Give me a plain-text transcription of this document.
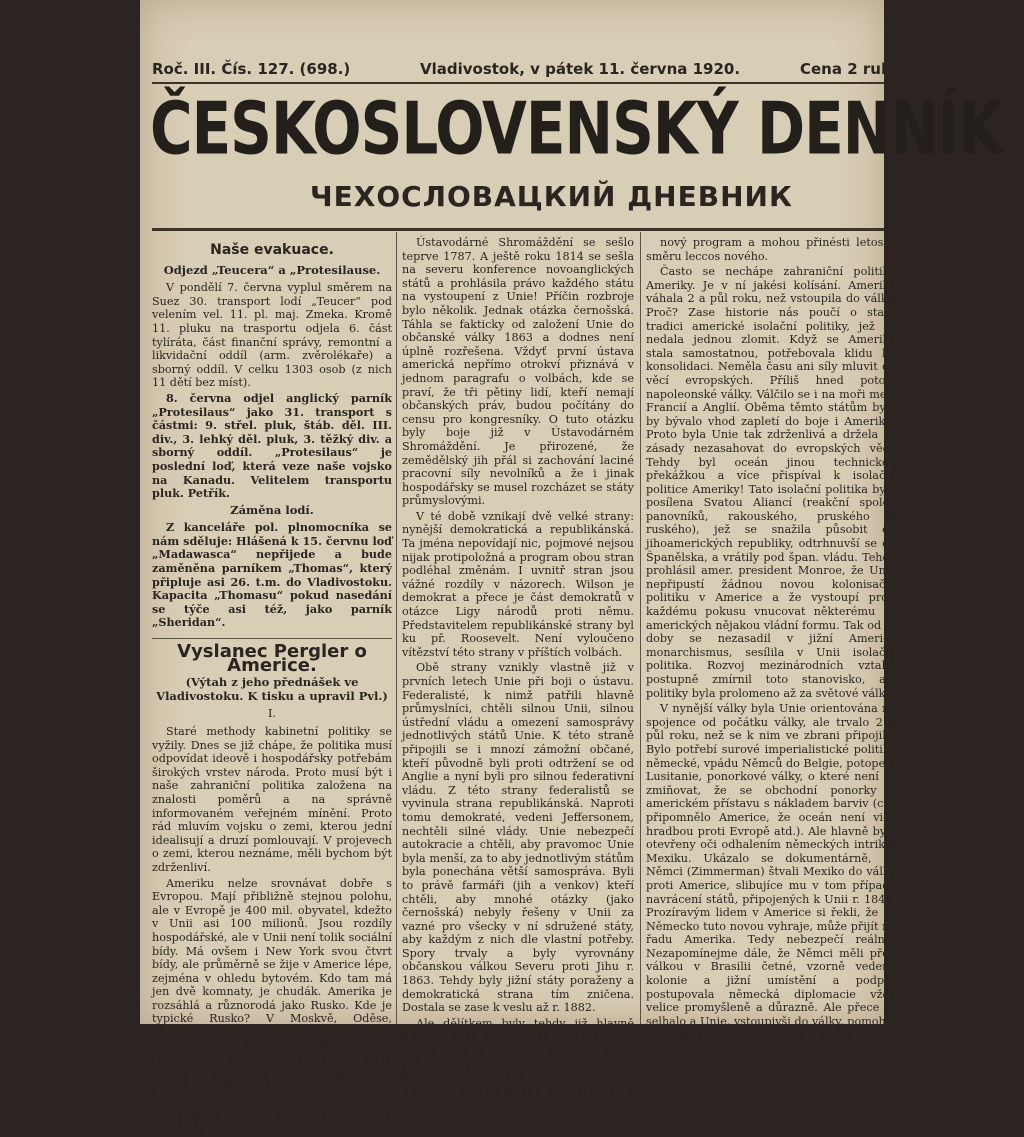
Roč. III. Čís. 127. (698.)	Vladivostok, v pátek 11. června 1920.	Cena 2 rul
ČESKOSLOVENSKÝ DENNÍK
ЧЕХОСЛОВАЦКИЙ ДНЕВНИК
Naše evakuace.
Odjezd „Teucera“ a „Protesilause.

V pondělí 7. června vyplul směrem na Suez 30. transport lodí „Teucer“ pod velením vel. 11. pl. maj. Zmeka. Kromě 11. pluku na trasportu odjela 6. část tylíráta, část finanční správy, remontní a likvidační oddíl (arm. zvěrolékaře) a sborný oddíl. V celku 1303 osob (z nich 11 dětí bez míst).

8. června odjel anglický parník „Protesilaus“ jako 31. transport s částmi: 9. střel. pluk, štáb. děl. III. div., 3. lehký děl. pluk, 3. těžký div. a sborný oddíl. „Protesilaus“ je poslední loď, která veze naše vojsko na Kanadu. Velitelem transportu pluk. Petřík.

Záměna lodí.

Z kanceláře pol. plnomocníka se nám sděluje: Hlášená k 15. červnu loď „Madawasca“ nepřijede a bude zaměněna parníkem „Thomas“, který připluje asi 26. t.m. do Vladivostoku. Kapacita „Thomasu“ pokud nasedání se týče asi též, jako parník „Sheridan“.

Vyslanec Pergler o Americe.
(Výtah z jeho přednášek ve Vladivostoku. K tisku a upravil Pvl.)
I.

Staré methody kabinetní politiky se vyžily. Dnes se již chápe, že politika musí odpovídat ideově i hospodářsky potřebám širokých vrstev národa. Proto musí být i naše zahraniční politika založena na znalosti poměrů a na správně informovaném veřejném mínění. Proto rád mluvím vojsku o zemi, kterou jední idealisují a druzí pomlouvají. V projevech o zemi, kterou neznáme, měli bychom být zdrženliví.

Ameriku nelze srovnávat dobře s Evropou. Mají přibližně stejnou polohu, ale v Evropě je 400 mil. obyvatel, kdežto v Unii asi 100 milionů. Jsou rozdíly hospodářské, ale v Unii není tolik sociální bídy. Má ovšem i New York svou čtvrt bídy, ale průměrně se žije v Americe lépe, zejména v ohledu bytovém. Kdo tam má jen dvě komnaty, je chudák. Amerika je rozsáhlá a různorodá jako Rusko. Kde je typické Rusko? V Moskvě, Oděse, Vladivostoku? Kde je typická Amerika: v New Yorku, San Francisku, Novém Orleansu? Jaký rozdíl mezi státy průmyslovými, západem a jihem s převahou farmářů a s otázkou černošskou!

My jsme doma ve 2. roce trvání republiky.

Ústavodárné Shromáždění se sešlo teprve 1787. A ještě roku 1814 se sešla na severu konference novoanglických států a prohlásila právo každého státu na vystoupení z Unie! Příčin rozbroje bylo několik. Jednak otázka černošská. Táhla se fakticky od založení Unie do občanské války 1863 a dodnes není úplně rozřešena. Vždyť první ústava americká nepřímo otrokví přiznává v jednom paragrafu o volbách, kde se praví, že tři pětiny lidí, kteří nemají občanských práv, budou počítány do censu pro kongresníky. O tuto otázku byly boje již v Ústavodárném Shromáždění. Je přirozené, že zemědělský jih přál si zachování laciné pracovní síly nevolníků a že i jinak hospodářsky se musel rozcházet se státy průmyslovými.

V té době vznikají dvě velké strany: nynější demokratická a republikánská. Ta jména nepovídají nic, pojmové nejsou nijak protipoložná a program obou stran podléhal změnám. I uvnitř stran jsou vážné rozdíly v názorech. Wilson je demokrat a přece je část demokratů v otázce Ligy národů proti němu. Představitelem republikánské strany byl ku př. Roosevelt. Není vyloučeno vítězství této strany v příštích volbách.

Obě strany vznikly vlastně již v prvních letech Unie při boji o ústavu. Federalisté, k nimž patřili hlavně průmyslníci, chtěli silnou Unii, silnou ústřední vládu a omezení samosprávy jednotlivých států Unie. K této straně připojili se i mnozí zámožní občané, kteří původně byli proti odtržení se od Anglie a nyní byli pro silnou federativní vládu. Z této strany federalistů se vyvinula strana republikánská. Naproti tomu demokraté, vedeni Jeffersonem, nechtěli silné vlády. Unie nebezpečí autokracie a chtěli, aby pravomoc Unie byla menší, za to aby jednotlivým státům byla ponechána větší samospráva. Byli to právě farmáři (jih a venkov) kteří chtěli, aby mnohé otázky (jako černošská) nebyly řešeny v Unii za vazné pro všecky v ní sdružené státy, aby každým z nich dle vlastní potřeby. Spory trvaly a byly vyrovnány občanskou válkou Severu proti Jihu r. 1863. Tehdy byly jižní státy poraženy a demokratická strana tím zničena. Dostala se zase k veslu až r. 1882.

Ale dělítkem byly tehdy již hlavně faktory čistě hospodářské: průmyslové vrstvy jsou pro celní ochranu amer. průmyslu před cizí konkurencí. Proti tomu je jih a venkov, kde přece jen se udržovala tradice strany demokratické a kde stále mají větší

nový program a mohou přinésti letos v směru leccos nového.

Často se nechápe zahraniční politika Ameriky. Je v ní jakési kolísání. Amerika váhala 2 a půl roku, než vstoupila do války. Proč? Zase historie nás poučí o staré tradici americké isolační politiky, jež se nedala jednou zlomit. Když se Amerika stala samostatnou, potřebovala klidu ku konsolidaci. Neměla času ani síly mluvit do věcí evropských. Příliš hned potom napoleonské války. Válčilo se i na moři mezi Francií a Anglií. Oběma těmto státům bylo by bývalo vhod zapletí do boje i Ameriku. Proto byla Unie tak zdrženlivá a držela se zásady nezasahovat do evropských věcí. Tehdy byl oceán jinou technickou překážkou a více přispíval k isolační politice Ameriky! Tato isolační politika byla posílena Svatou Aliancí (reakční spolek panovníků, rakouského, pruského a ruského), jež se snažila působit do jihoamerických republiky, odtrhnuvší se od Španělska, a vrátily pod špan. vládu. Tehdy prohlásil amer. president Monroe, že Unie nepřipustí žádnou novou kolonisační politiku v Americe a že vystoupí proti každému pokusu vnucovat některému ze amerických nějakou vládní formu. Tak od té doby se nezasadil v jižní Americe monarchismus, sesílila v Unii isolační politika. Rozvoj mezinárodních vztahů postupně zmírnil toto stanovisko, ale politiky byla prolomeno až za světové války.

V nynější války byla Unie orientována na spojence od počátku války, ale trvalo 2 a půl roku, než se k nim ve zbrani připojila. Bylo potřebí surové imperialistické politiky německé, vpádu Němců do Belgie, potopení Lusitanie, ponorkové války, o které není se zmiňovat, že se obchodní ponorky v americkém přístavu s nákladem barviv (což připomnělo Americe, že oceán není vice hradbou proti Evropě atd.). Ale hlavně byly otevřeny oči odhalením německých intrik v Mexiku. Ukázalo se dokumentárně, že Němci (Zimmerman) štvali Mexiko do války proti Americe, slibujíce mu v tom případě navrácení států, připojených k Unii r. 1846. Prozíravým lidem v Americe si řekli, že až Německo tuto novou vyhraje, může přijít na řadu Amerika. Tedy nebezpečí reálné! Nezapomínejme dále, že Němci měli před válkou v Brasilii četné, vzorně vedené kolonie a jižní umístění a podpře postupovala německá diplomacie vždy velice promyšleně a důrazně. Ale přece to selhalo a Unie, vstoupivši do války, pomohla sobě a zachránila Francii. A tím i nás samostatnost.
